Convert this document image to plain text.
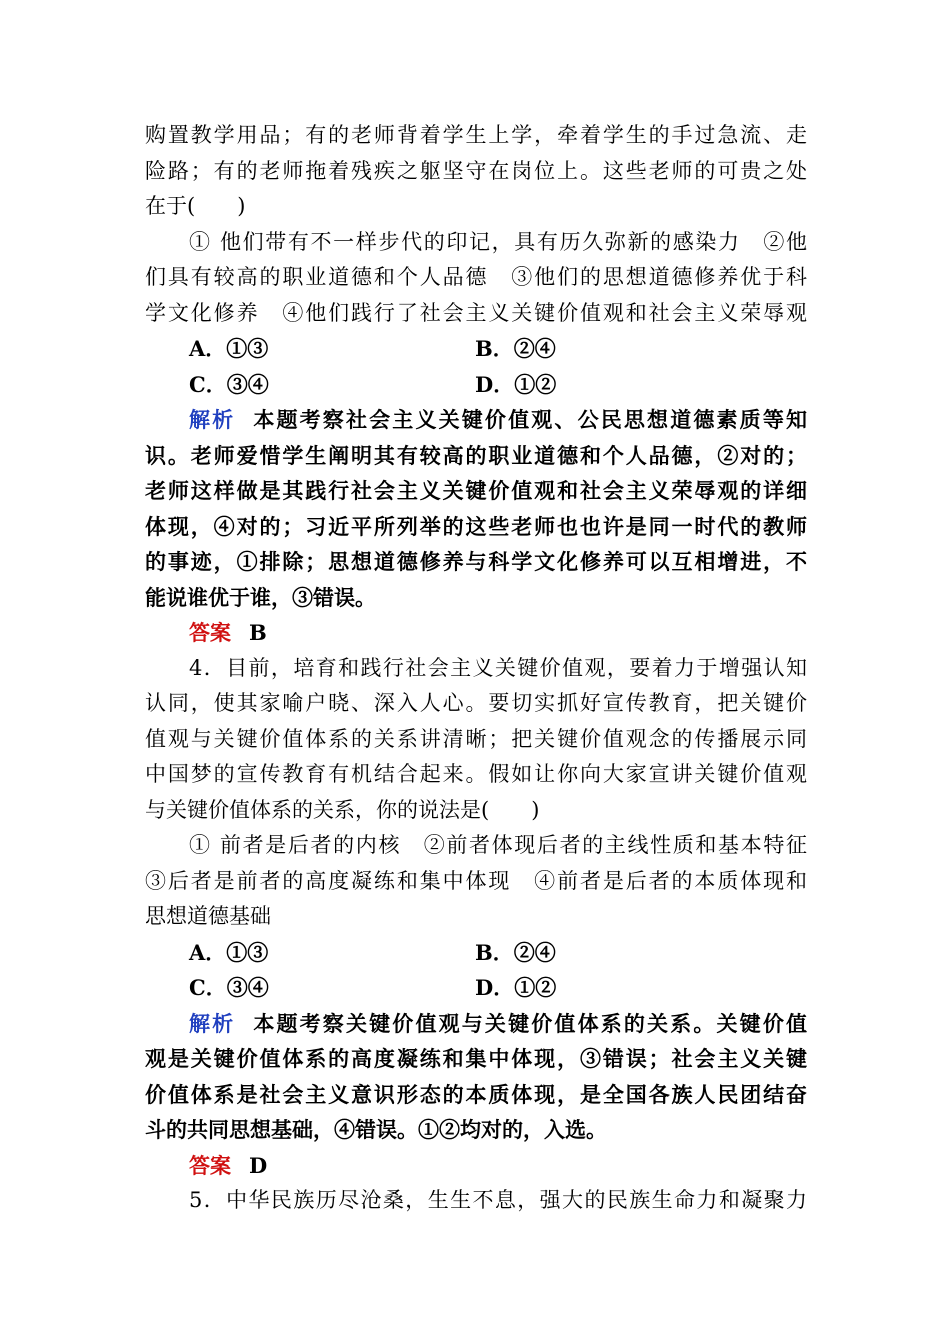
购置教学用品；有的老师背着学生上学，牵着学生的手过急流、走
险路；有的老师拖着残疾之躯坚守在岗位上。这些老师的可贵之处
在于(　　)
① 他们带有不一样步代的印记，具有历久弥新的感染力　②他
们具有较高的职业道德和个人品德　③他们的思想道德修养优于科
学文化修养　④他们践行了社会主义关键价值观和社会主义荣辱观
A．①③	B．②④
C．③④	D．①②
解析 本题考察社会主义关键价值观、公民思想道德素质等知
识。老师爱惜学生阐明其有较高的职业道德和个人品德，②对的；
老师这样做是其践行社会主义关键价值观和社会主义荣辱观的详细
体现，④对的；习近平所列举的这些老师也也许是同一时代的教师
的事迹，①排除；思想道德修养与科学文化修养可以互相增进，不
能说谁优于谁，③错误。
答案 B
4．目前，培育和践行社会主义关键价值观，要着力于增强认知
认同，使其家喻户晓、深入人心。要切实抓好宣传教育，把关键价
值观与关键价值体系的关系讲清晰；把关键价值观念的传播展示同
中国梦的宣传教育有机结合起来。假如让你向大家宣讲关键价值观
与关键价值体系的关系，你的说法是(　　)
① 前者是后者的内核　②前者体现后者的主线性质和基本特征
③后者是前者的高度凝练和集中体现　④前者是后者的本质体现和
思想道德基础
A．①③	B．②④
C．③④	D．①②
解析 本题考察关键价值观与关键价值体系的关系。关键价值
观是关键价值体系的高度凝练和集中体现，③错误；社会主义关键
价值体系是社会主义意识形态的本质体现，是全国各族人民团结奋
斗的共同思想基础，④错误。①②均对的，入选。
答案 D
5．中华民族历尽沧桑，生生不息，强大的民族生命力和凝聚力
